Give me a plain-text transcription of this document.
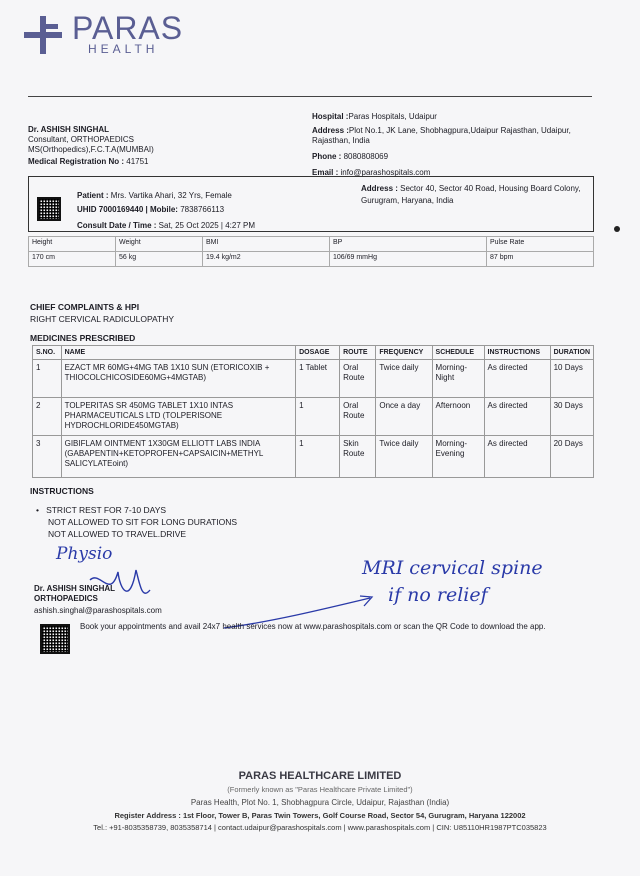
PARAS
HEALTH
Dr. ASHISH SINGHAL
Consultant, ORTHOPAEDICS
MS(Orthopedics),F.C.T.A(MUMBAI)
Medical Registration No : 41751
Hospital :Paras Hospitals, Udaipur
Address :Plot No.1, JK Lane, Shobhagpura,Udaipur Rajasthan, Udaipur, Rajasthan, India
Phone : 8080808069
Email : info@parashospitals.com
Patient : Mrs. Vartika Ahari, 32 Yrs, Female
UHID 7000169440 | Mobile: 7838766113
Consult Date / Time : Sat, 25 Oct 2025 | 4:27 PM
Address : Sector 40, Sector 40 Road, Housing Board Colony, Gurugram, Haryana, India
Height	Weight	BMI	BP	Pulse Rate
170 cm	56 kg	19.4 kg/m2	106/69 mmHg	87 bpm
CHIEF COMPLAINTS & HPI
RIGHT CERVICAL RADICULOPATHY
MEDICINES PRESCRIBED
S.NO.	NAME	DOSAGE	ROUTE	FREQUENCY	SCHEDULE	INSTRUCTIONS	DURATION
1	EZACT MR 60MG+4MG TAB 1X10 SUN (ETORICOXIB + THIOCOLCHICOSIDE60MG+4MGTAB)	1 Tablet	Oral Route	Twice daily	Morning-Night	As directed	10 Days
2	TOLPERITAS SR 450MG TABLET 1X10 INTAS PHARMACEUTICALS LTD (TOLPERISONE HYDROCHLORIDE450MGTAB)	1	Oral Route	Once a day	Afternoon	As directed	30 Days
3	GIBIFLAM OINTMENT 1X30GM ELLIOTT LABS INDIA (GABAPENTIN+KETOPROFEN+CAPSAICIN+METHYL SALICYLATEoint)	1	Skin Route	Twice daily	Morning-Evening	As directed	20 Days
INSTRUCTIONS
•   STRICT REST FOR 7-10 DAYS
NOT ALLOWED TO SIT FOR LONG DURATIONS
NOT ALLOWED TO TRAVEL.DRIVE
Physio
MRI cervical spine
if no relief
Dr. ASHISH SINGHAL
ORTHOPAEDICS
ashish.singhal@parashospitals.com
Book your appointments and avail 24x7 health services now at www.parashospitals.com or scan the QR Code to download the app.
PARAS HEALTHCARE LIMITED
(Formerly known as "Paras Healthcare Private Limited")
Paras Health, Plot No. 1, Shobhagpura Circle, Udaipur, Rajasthan (India)
Register Address : 1st Floor, Tower B, Paras Twin Towers, Golf Course Road, Sector 54, Gurugram, Haryana 122002
Tel.: +91-8035358739, 8035358714 | contact.udaipur@parashospitals.com | www.parashospitals.com | CIN: U85110HR1987PTC035823
